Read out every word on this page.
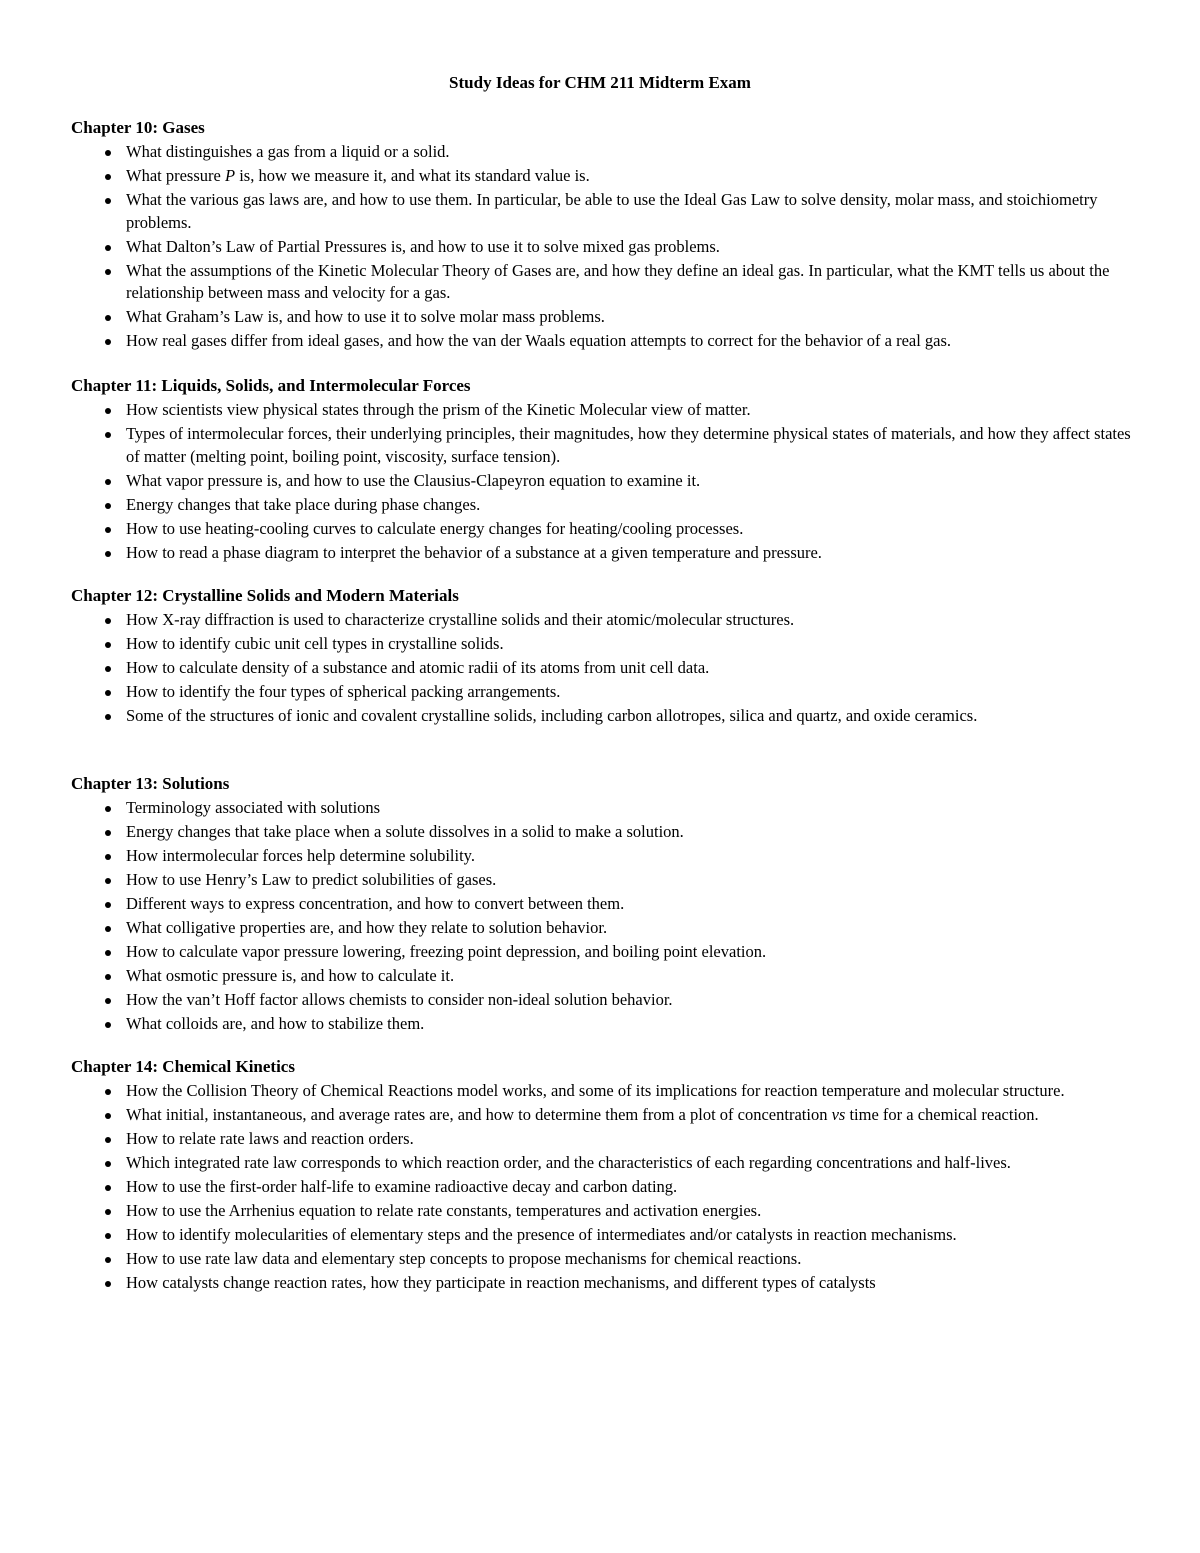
Study Ideas for CHM 211 Midterm Exam
Chapter 10: Gases
What distinguishes a gas from a liquid or a solid.
What pressure P is, how we measure it, and what its standard value is.
What the various gas laws are, and how to use them. In particular, be able to use the Ideal Gas Law to solve density, molar mass, and stoichiometry problems.
What Dalton’s Law of Partial Pressures is, and how to use it to solve mixed gas problems.
What the assumptions of the Kinetic Molecular Theory of Gases are, and how they define an ideal gas. In particular, what the KMT tells us about the relationship between mass and velocity for a gas.
What Graham’s Law is, and how to use it to solve molar mass problems.
How real gases differ from ideal gases, and how the van der Waals equation attempts to correct for the behavior of a real gas.
Chapter 11: Liquids, Solids, and Intermolecular Forces
How scientists view physical states through the prism of the Kinetic Molecular view of matter.
Types of intermolecular forces, their underlying principles, their magnitudes, how they determine physical states of materials, and how they affect states of matter (melting point, boiling point, viscosity, surface tension).
What vapor pressure is, and how to use the Clausius-Clapeyron equation to examine it.
Energy changes that take place during phase changes.
How to use heating-cooling curves to calculate energy changes for heating/cooling processes.
How to read a phase diagram to interpret the behavior of a substance at a given temperature and pressure.
Chapter 12: Crystalline Solids and Modern Materials
How X-ray diffraction is used to characterize crystalline solids and their atomic/molecular structures.
How to identify cubic unit cell types in crystalline solids.
How to calculate density of a substance and atomic radii of its atoms from unit cell data.
How to identify the four types of spherical packing arrangements.
Some of the structures of ionic and covalent crystalline solids, including carbon allotropes, silica and quartz, and oxide ceramics.
Chapter 13: Solutions
Terminology associated with solutions
Energy changes that take place when a solute dissolves in a solid to make a solution.
How intermolecular forces help determine solubility.
How to use Henry’s Law to predict solubilities of gases.
Different ways to express concentration, and how to convert between them.
What colligative properties are, and how they relate to solution behavior.
How to calculate vapor pressure lowering, freezing point depression, and boiling point elevation.
What osmotic pressure is, and how to calculate it.
How the van’t Hoff factor allows chemists to consider non-ideal solution behavior.
What colloids are, and how to stabilize them.
Chapter 14: Chemical Kinetics
How the Collision Theory of Chemical Reactions model works, and some of its implications for reaction temperature and molecular structure.
What initial, instantaneous, and average rates are, and how to determine them from a plot of concentration vs time for a chemical reaction.
How to relate rate laws and reaction orders.
Which integrated rate law corresponds to which reaction order, and the characteristics of each regarding concentrations and half-lives.
How to use the first-order half-life to examine radioactive decay and carbon dating.
How to use the Arrhenius equation to relate rate constants, temperatures and activation energies.
How to identify molecularities of elementary steps and the presence of intermediates and/or catalysts in reaction mechanisms.
How to use rate law data and elementary step concepts to propose mechanisms for chemical reactions.
How catalysts change reaction rates, how they participate in reaction mechanisms, and different types of catalysts
